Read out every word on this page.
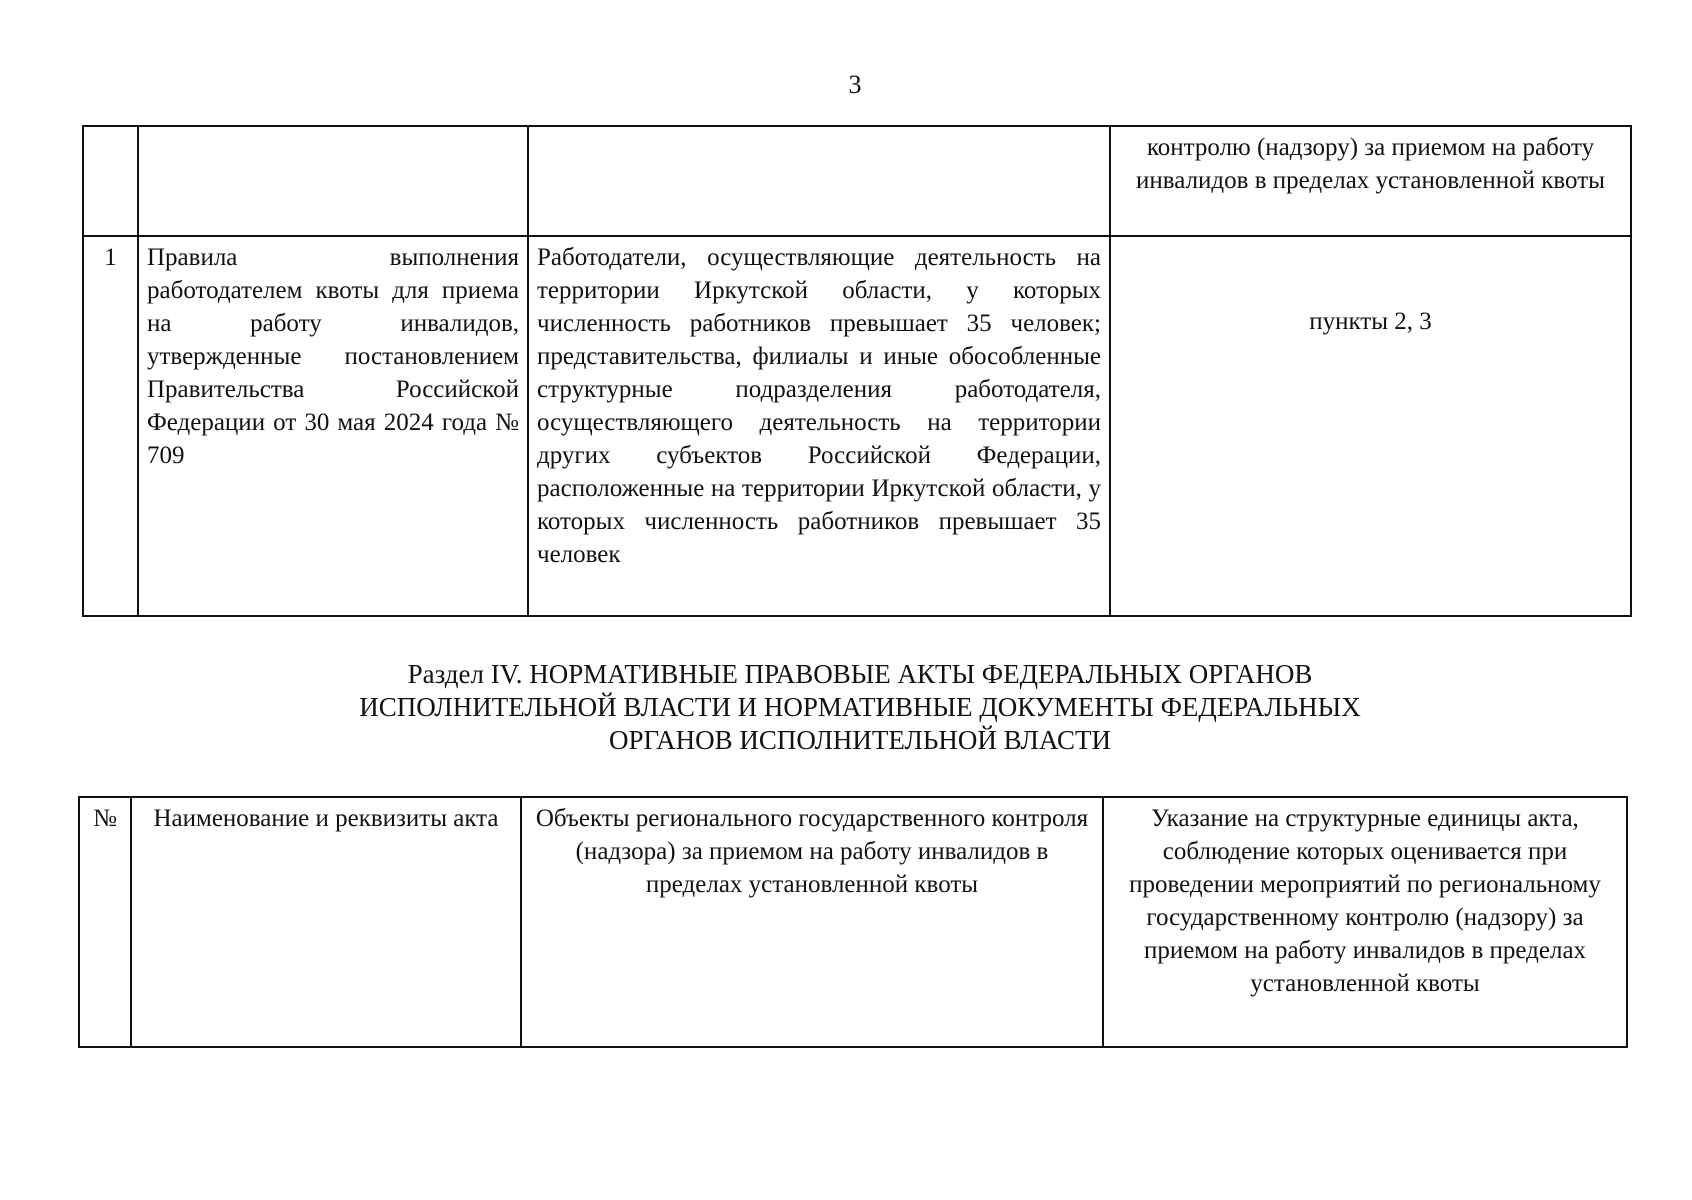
3
			контролю (надзору) за приемом на работу инвалидов в пределах установленной квоты
1	Правила выполнения работодателем квоты для приема на работу инвалидов, утвержденные постановлением Правительства Российской Федерации от 30 мая 2024 года № 709	Работодатели, осуществляющие деятельность на территории Иркутской области, у которых численность работников превышает 35 человек; представительства, филиалы и иные обособленные структурные подразделения работодателя, осуществляющего деятельность на территории других субъектов Российской Федерации, расположенные на территории Иркутской области, у которых численность работников превышает 35 человек	пункты 2, 3
Раздел IV. НОРМАТИВНЫЕ ПРАВОВЫЕ АКТЫ ФЕДЕРАЛЬНЫХ ОРГАНОВ
ИСПОЛНИТЕЛЬНОЙ ВЛАСТИ И НОРМАТИВНЫЕ ДОКУМЕНТЫ ФЕДЕРАЛЬНЫХ
ОРГАНОВ ИСПОЛНИТЕЛЬНОЙ ВЛАСТИ
№	Наименование и реквизиты акта	Объекты регионального государственного контроля (надзора) за приемом на работу инвалидов в пределах установленной квоты	Указание на структурные единицы акта, соблюдение которых оценивается при проведении мероприятий по региональному государственному контролю (надзору) за приемом на работу инвалидов в пределах установленной квоты
